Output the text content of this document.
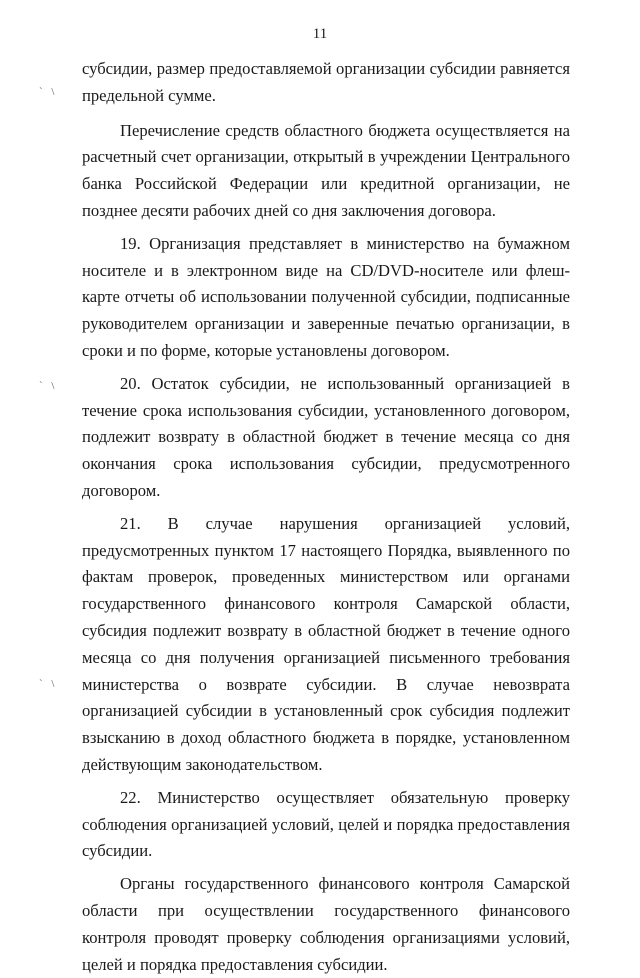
11
` \
` \
` \

субсидии, размер предоставляемой организации субсидии равняется предельной сумме.

Перечисление средств областного бюджета осуществляется на расчетный счет организации, открытый в учреждении Центрального банка Российской Федерации или кредитной организации, не позднее десяти рабочих дней со дня заключения договора.

19. Организация представляет в министерство на бумажном носителе и в электронном виде на CD/DVD-носителе или флеш-карте отчеты об использовании полученной субсидии, подписанные руководителем организации и заверенные печатью организации, в сроки и по форме, которые установлены договором.

20. Остаток субсидии, не использованный организацией в течение срока использования субсидии, установленного договором, подлежит возврату в областной бюджет в течение месяца со дня окончания срока использования субсидии, предусмотренного договором.

21. В случае нарушения организацией условий, предусмотренных пунктом 17 настоящего Порядка, выявленного по фактам проверок, проведенных министерством или органами государственного финансового контроля Самарской области, субсидия подлежит возврату в областной бюджет в течение одного месяца со дня получения организацией письменного требования министерства о возврате субсидии. В случае невозврата организацией субсидии в установленный срок субсидия подлежит взысканию в доход областного бюджета в порядке, установленном действующим законодательством.

22. Министерство осуществляет обязательную проверку соблюдения организацией условий, целей и порядка предоставления субсидии.

Органы государственного финансового контроля Самарской области при осуществлении государственного финансового контроля проводят проверку соблюдения организациями условий, целей и порядка предоставления субсидии.
